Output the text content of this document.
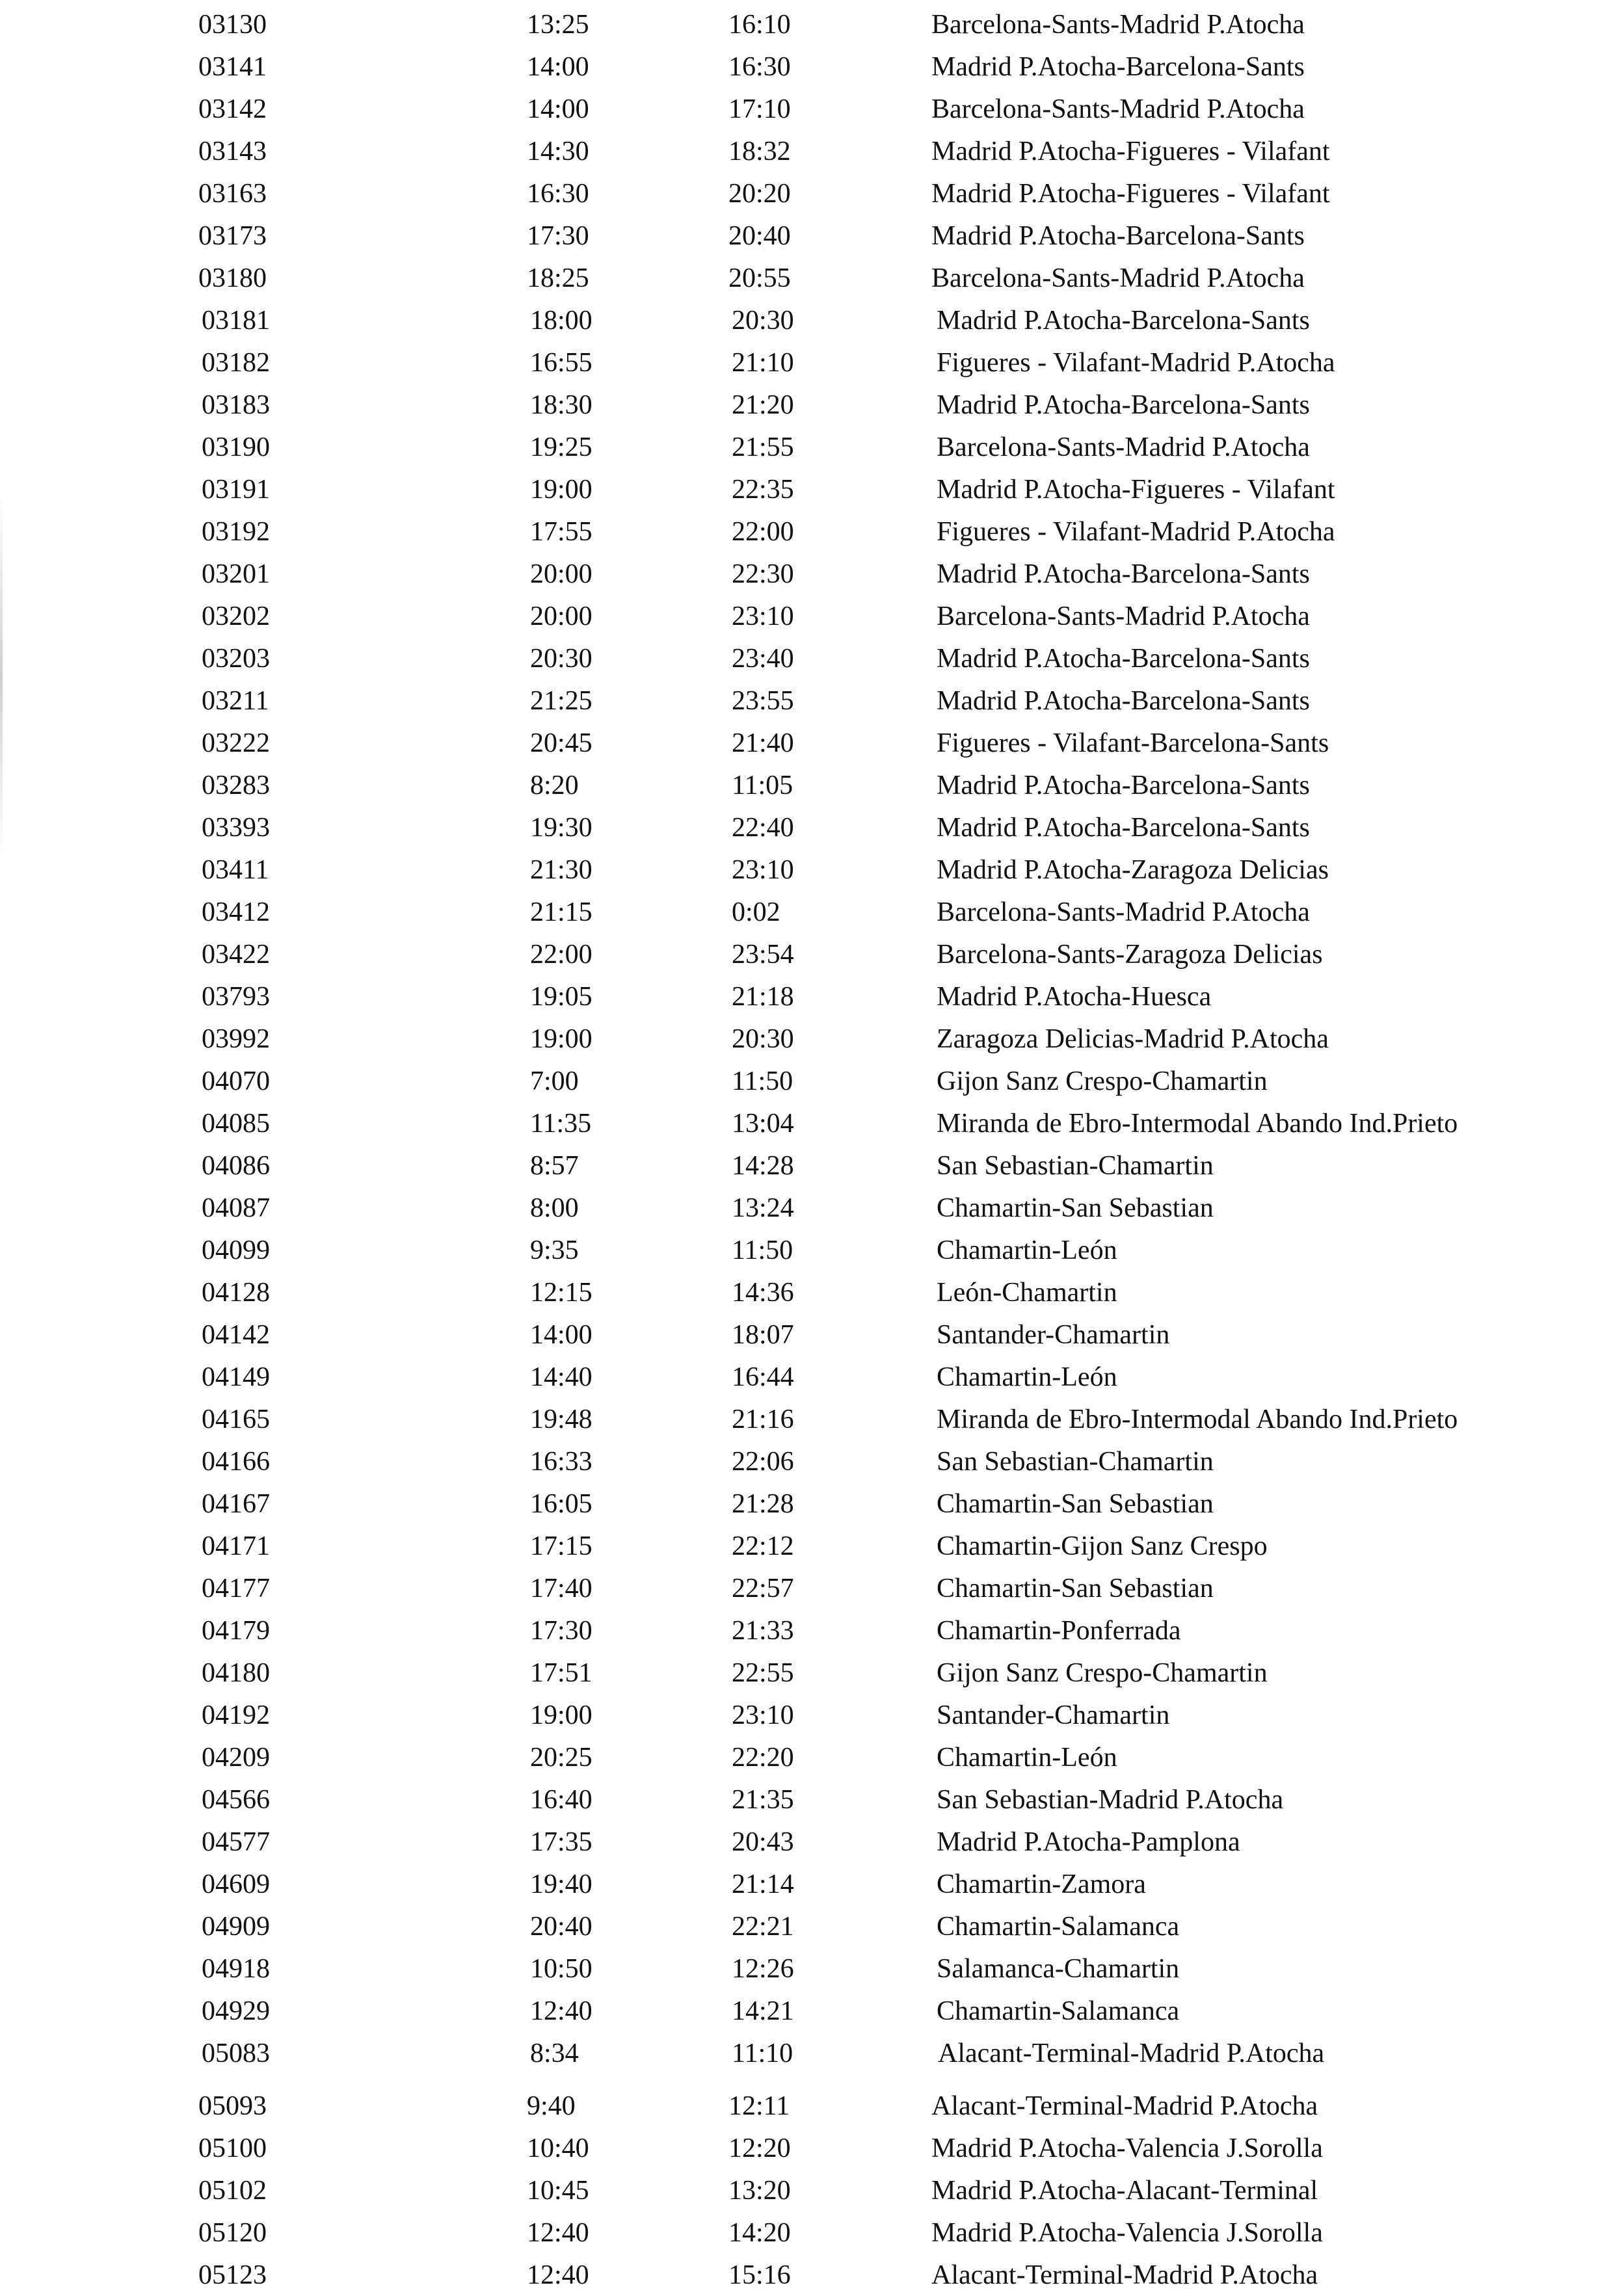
03130	13:25	16:10	Barcelona-Sants-Madrid P.Atocha
03141	14:00	16:30	Madrid P.Atocha-Barcelona-Sants
03142	14:00	17:10	Barcelona-Sants-Madrid P.Atocha
03143	14:30	18:32	Madrid P.Atocha-Figueres - Vilafant
03163	16:30	20:20	Madrid P.Atocha-Figueres - Vilafant
03173	17:30	20:40	Madrid P.Atocha-Barcelona-Sants
03180	18:25	20:55	Barcelona-Sants-Madrid P.Atocha
03181	18:00	20:30	Madrid P.Atocha-Barcelona-Sants
03182	16:55	21:10	Figueres - Vilafant-Madrid P.Atocha
03183	18:30	21:20	Madrid P.Atocha-Barcelona-Sants
03190	19:25	21:55	Barcelona-Sants-Madrid P.Atocha
03191	19:00	22:35	Madrid P.Atocha-Figueres - Vilafant
03192	17:55	22:00	Figueres - Vilafant-Madrid P.Atocha
03201	20:00	22:30	Madrid P.Atocha-Barcelona-Sants
03202	20:00	23:10	Barcelona-Sants-Madrid P.Atocha
03203	20:30	23:40	Madrid P.Atocha-Barcelona-Sants
03211	21:25	23:55	Madrid P.Atocha-Barcelona-Sants
03222	20:45	21:40	Figueres - Vilafant-Barcelona-Sants
03283	8:20	11:05	Madrid P.Atocha-Barcelona-Sants
03393	19:30	22:40	Madrid P.Atocha-Barcelona-Sants
03411	21:30	23:10	Madrid P.Atocha-Zaragoza Delicias
03412	21:15	0:02	Barcelona-Sants-Madrid P.Atocha
03422	22:00	23:54	Barcelona-Sants-Zaragoza Delicias
03793	19:05	21:18	Madrid P.Atocha-Huesca
03992	19:00	20:30	Zaragoza Delicias-Madrid P.Atocha
04070	7:00	11:50	Gijon Sanz Crespo-Chamartin
04085	11:35	13:04	Miranda de Ebro-Intermodal Abando Ind.Prieto
04086	8:57	14:28	San Sebastian-Chamartin
04087	8:00	13:24	Chamartin-San Sebastian
04099	9:35	11:50	Chamartin-León
04128	12:15	14:36	León-Chamartin
04142	14:00	18:07	Santander-Chamartin
04149	14:40	16:44	Chamartin-León
04165	19:48	21:16	Miranda de Ebro-Intermodal Abando Ind.Prieto
04166	16:33	22:06	San Sebastian-Chamartin
04167	16:05	21:28	Chamartin-San Sebastian
04171	17:15	22:12	Chamartin-Gijon Sanz Crespo
04177	17:40	22:57	Chamartin-San Sebastian
04179	17:30	21:33	Chamartin-Ponferrada
04180	17:51	22:55	Gijon Sanz Crespo-Chamartin
04192	19:00	23:10	Santander-Chamartin
04209	20:25	22:20	Chamartin-León
04566	16:40	21:35	San Sebastian-Madrid P.Atocha
04577	17:35	20:43	Madrid P.Atocha-Pamplona
04609	19:40	21:14	Chamartin-Zamora
04909	20:40	22:21	Chamartin-Salamanca
04918	10:50	12:26	Salamanca-Chamartin
04929	12:40	14:21	Chamartin-Salamanca
05083	8:34	11:10	Alacant-Terminal-Madrid P.Atocha
05093	9:40	12:11	Alacant-Terminal-Madrid P.Atocha
05100	10:40	12:20	Madrid P.Atocha-Valencia J.Sorolla
05102	10:45	13:20	Madrid P.Atocha-Alacant-Terminal
05120	12:40	14:20	Madrid P.Atocha-Valencia J.Sorolla
05123	12:40	15:16	Alacant-Terminal-Madrid P.Atocha
